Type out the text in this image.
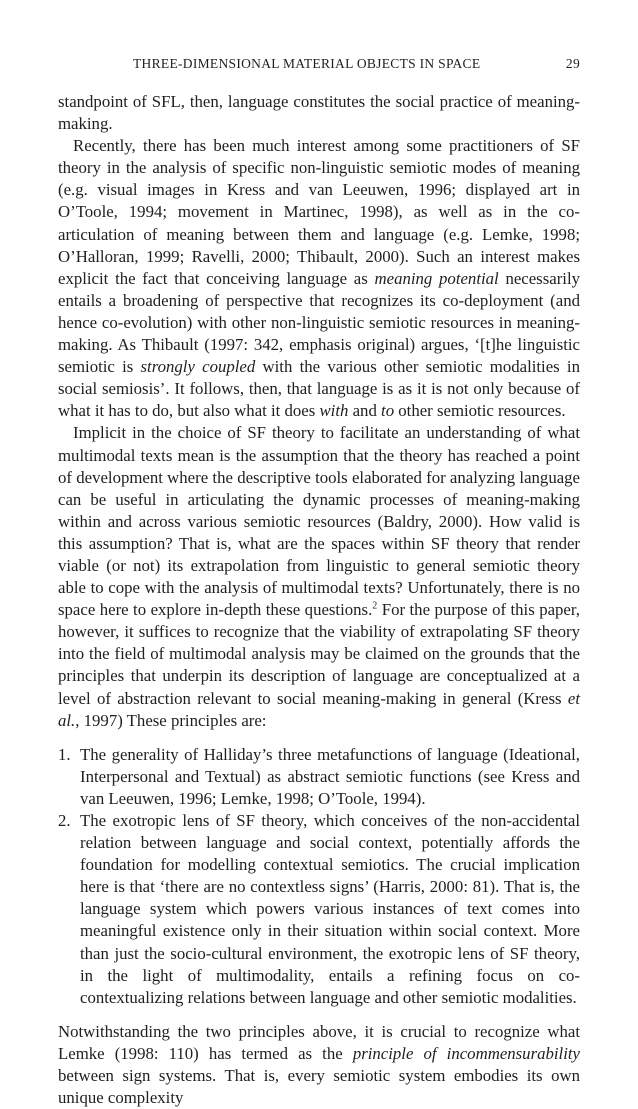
THREE-DIMENSIONAL MATERIAL OBJECTS IN SPACE	29

standpoint of SFL, then, language constitutes the social practice of meaning-making.

Recently, there has been much interest among some practitioners of SF theory in the analysis of specific non-linguistic semiotic modes of meaning (e.g. visual images in Kress and van Leeuwen, 1996; displayed art in O’Toole, 1994; movement in Martinec, 1998), as well as in the co-articulation of meaning between them and language (e.g. Lemke, 1998; O’Halloran, 1999; Ravelli, 2000; Thibault, 2000). Such an interest makes explicit the fact that conceiving language as meaning potential necessarily entails a broadening of perspective that recognizes its co-deployment (and hence co-evolution) with other non-linguistic semiotic resources in meaning-making. As Thibault (1997: 342, emphasis original) argues, ‘[t]he linguistic semiotic is strongly coupled with the various other semiotic modalities in social semiosis’. It follows, then, that language is as it is not only because of what it has to do, but also what it does with and to other semiotic resources.

Implicit in the choice of SF theory to facilitate an understanding of what multimodal texts mean is the assumption that the theory has reached a point of development where the descriptive tools elaborated for analyzing language can be useful in articulating the dynamic processes of meaning-making within and across various semiotic resources (Baldry, 2000). How valid is this assumption? That is, what are the spaces within SF theory that render viable (or not) its extrapolation from linguistic to general semiotic theory able to cope with the analysis of multimodal texts? Unfortunately, there is no space here to explore in-depth these questions.$^2$ For the purpose of this paper, however, it suffices to recognize that the viability of extrapolating SF theory into the field of multimodal analysis may be claimed on the grounds that the principles that underpin its description of language are conceptualized at a level of abstraction relevant to social meaning-making in general (Kress et al., 1997) These principles are:

1. The generality of Halliday’s three metafunctions of language (Ideational, Interpersonal and Textual) as abstract semiotic functions (see Kress and van Leeuwen, 1996; Lemke, 1998; O’Toole, 1994).
2. The exotropic lens of SF theory, which conceives of the non-accidental relation between language and social context, potentially affords the foundation for modelling contextual semiotics. The crucial implication here is that ‘there are no contextless signs’ (Harris, 2000: 81). That is, the language system which powers various instances of text comes into meaningful existence only in their situation within social context. More than just the socio-cultural environment, the exotropic lens of SF theory, in the light of multimodality, entails a refining focus on co-contextualizing relations between language and other semiotic modalities.

Notwithstanding the two principles above, it is crucial to recognize what Lemke (1998: 110) has termed as the principle of incommensurability between sign systems. That is, every semiotic system embodies its own unique complexity
